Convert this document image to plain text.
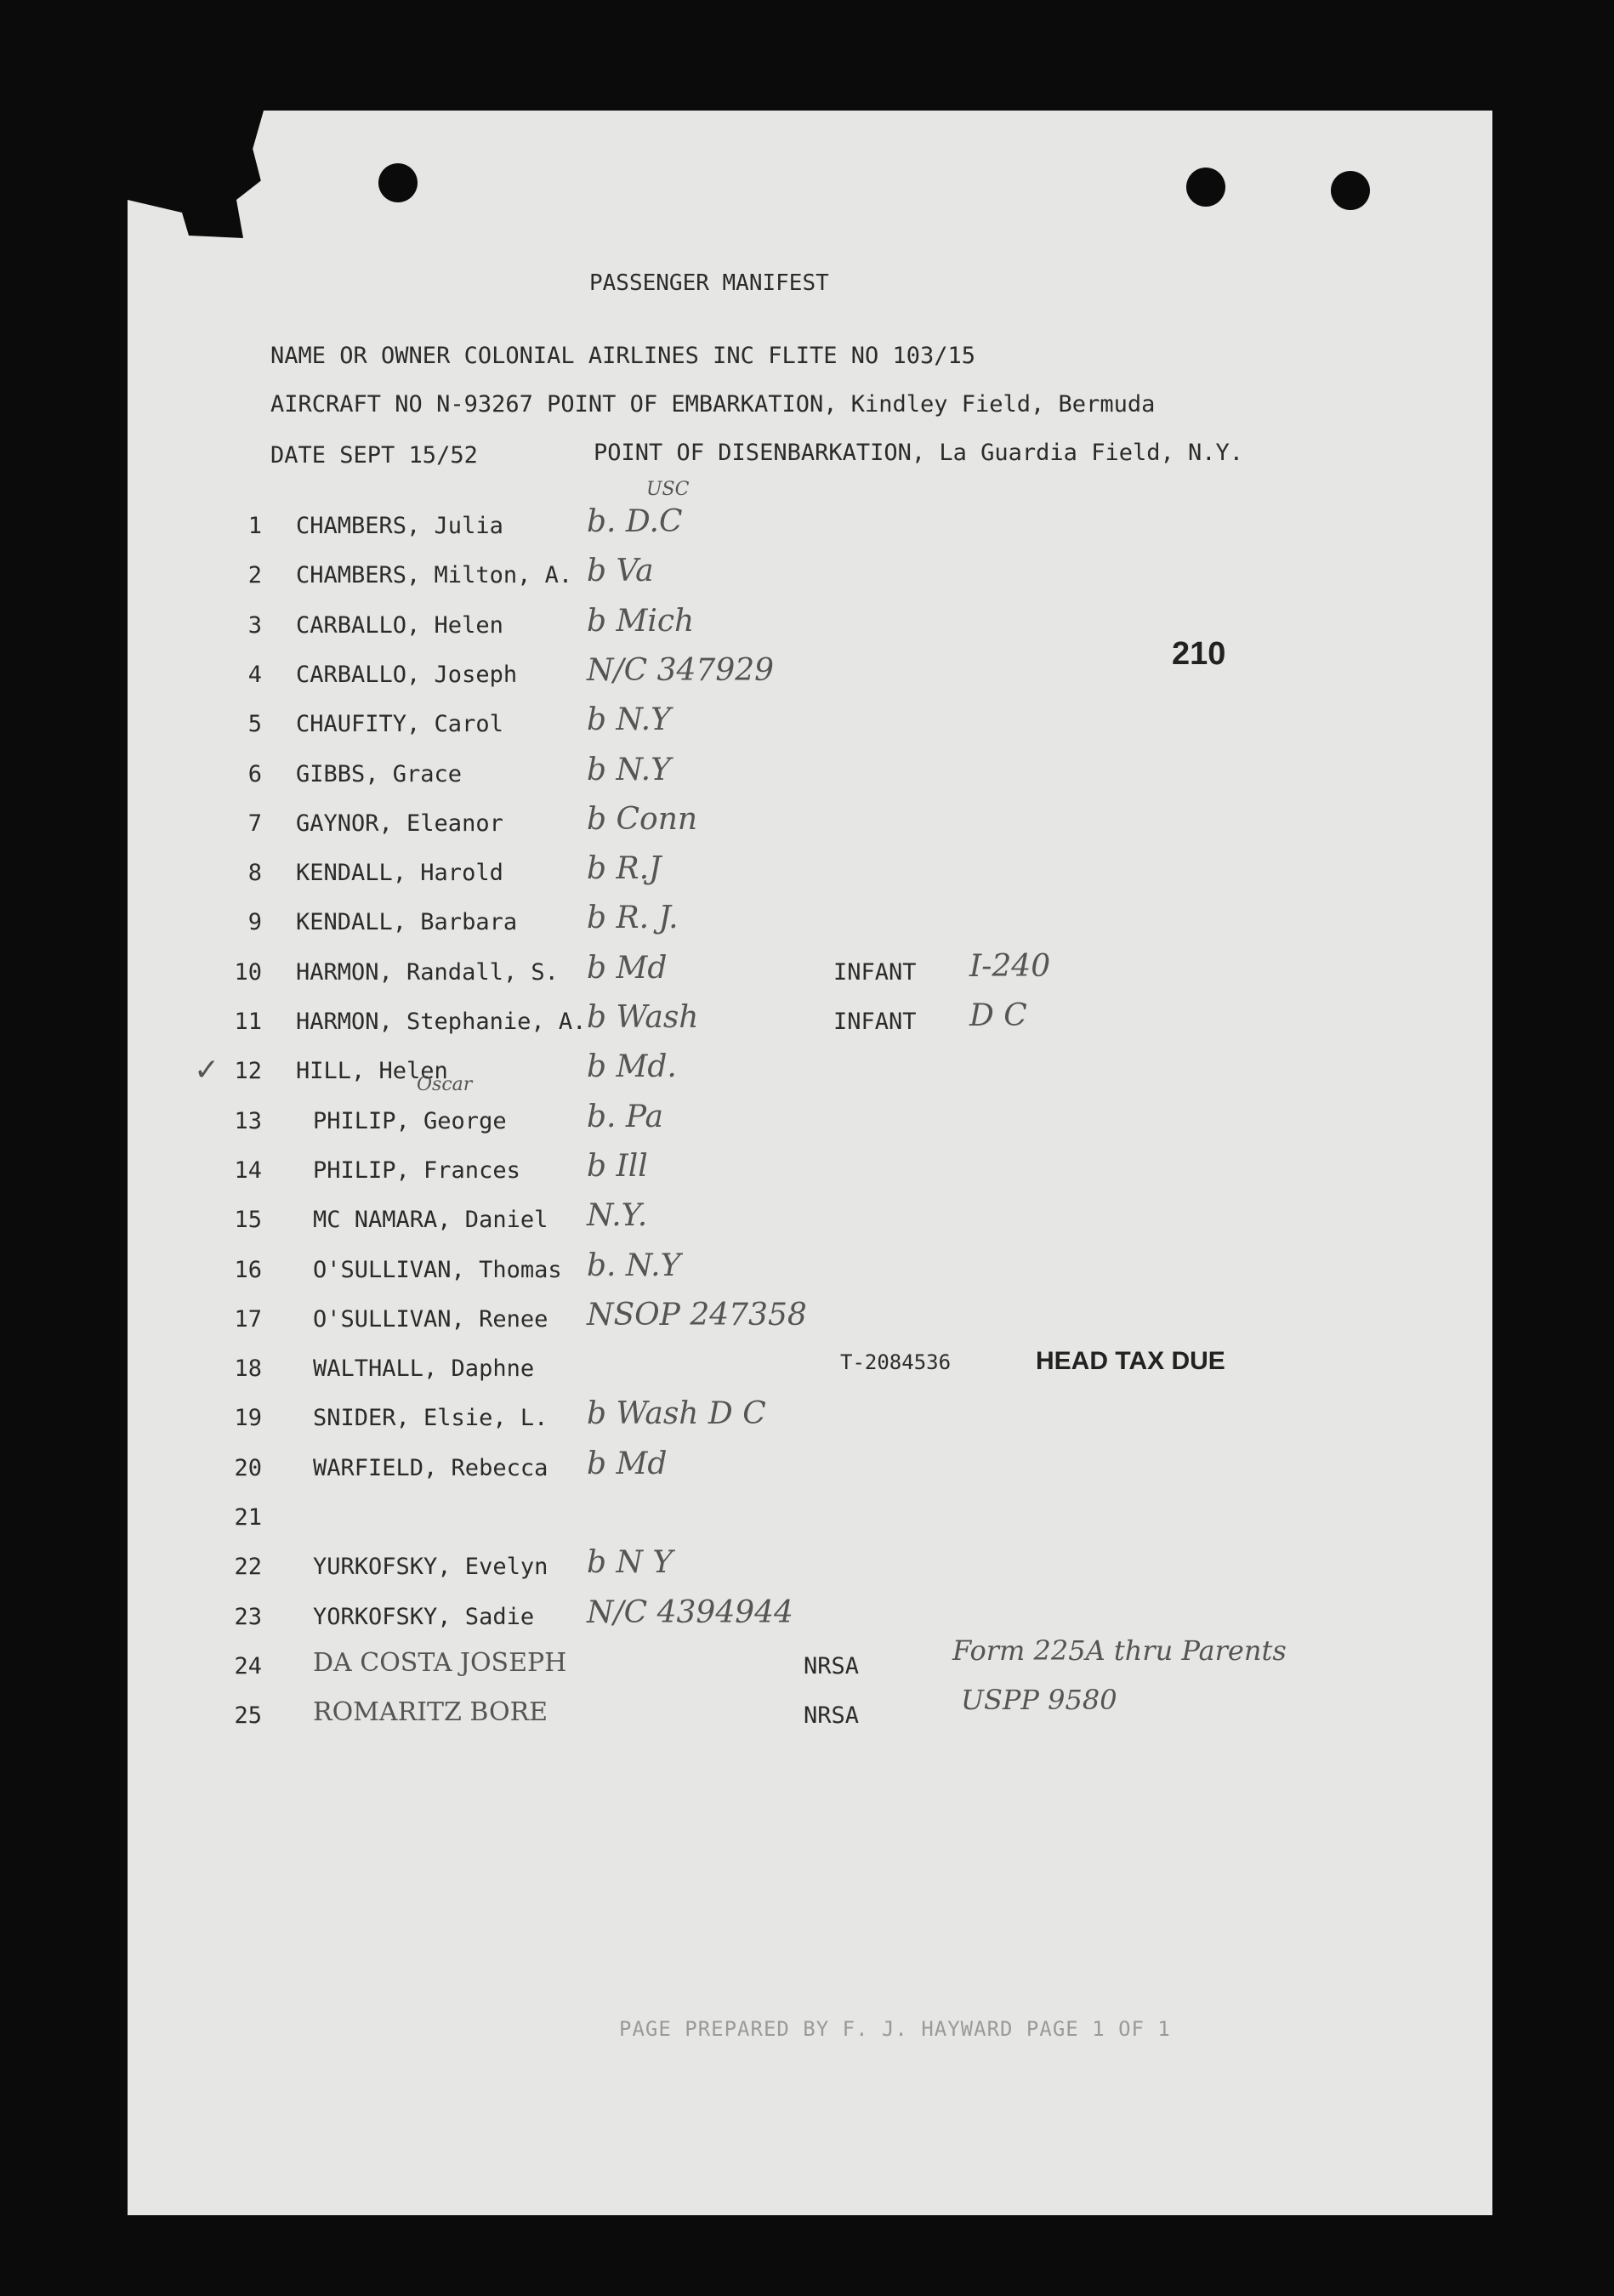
PASSENGER MANIFEST
NAME OR OWNER COLONIAL AIRLINES INC FLITE NO 103/15
AIRCRAFT NO N-93267 POINT OF EMBARKATION, Kindley Field, Bermuda
DATE SEPT 15/52	POINT OF DISENBARKATION, La Guardia Field, N.Y.
210
1 CHAMBERS, Julia	b. D.C
USC
2 CHAMBERS, Milton, A. b Va
3 CARBALLO, Helen	b Mich
4 CARBALLO, Joseph N/C 347929
5 CHAUFITY, Carol	b N.Y
6 GIBBS, Grace	b N.Y
7 GAYNOR, Eleanor	b Conn
8 KENDALL, Harold	b R.J
9 KENDALL, Barbara b R. J.
10 HARMON, Randall, S. b Md	INFANT I-240
11 HARMON, Stephanie, A. b Wash	INFANT D C
12 HILL, Helen	b Md.
13 PHILIP, George	b. Pa
Oscar
14 PHILIP, Frances b Ill
15 MC NAMARA, Daniel N.Y.
16 O'SULLIVAN, Thomas b. N.Y
17 O'SULLIVAN, Renee NSOP 247358
18 WALTHALL, Daphne	T-2084536	HEAD TAX DUE
19 SNIDER, Elsie, L. b Wash D C
20 WARFIELD, Rebecca b Md
21
22 YURKOFSKY, Evelyn b N Y
23 YORKOFSKY, Sadie N/C 4394944
24 DA COSTA JOSEPH	NRSA	Form 225A thru Parents
25 ROMARITZ BORE	NRSA	USPP 9580
✓
PAGE PREPARED BY F. J. HAYWARD PAGE 1 OF 1
